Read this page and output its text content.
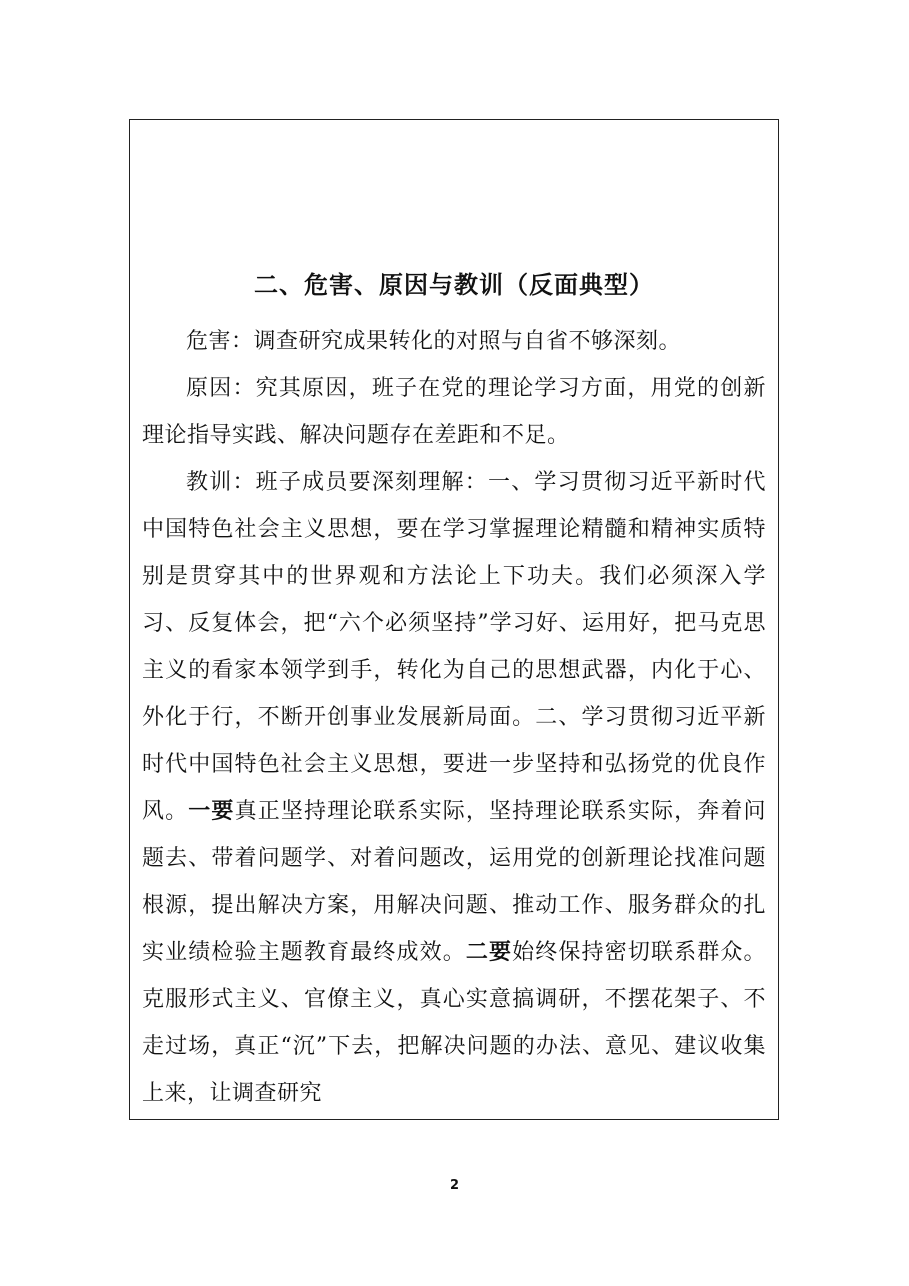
二、危害、原因与教训（反面典型）

危害：调查研究成果转化的对照与自省不够深刻。

原因：究其原因，班子在党的理论学习方面，用党的创新理论指导实践、解决问题存在差距和不足。

教训：班子成员要深刻理解：一、学习贯彻习近平新时代中国特色社会主义思想，要在学习掌握理论精髓和精神实质特别是贯穿其中的世界观和方法论上下功夫。我们必须深入学习、反复体会，把“六个必须坚持”学习好、运用好，把马克思主义的看家本领学到手，转化为自己的思想武器，内化于心、外化于行，不断开创事业发展新局面。二、学习贯彻习近平新时代中国特色社会主义思想，要进一步坚持和弘扬党的优良作风。一要真正坚持理论联系实际，坚持理论联系实际，奔着问题去、带着问题学、对着问题改，运用党的创新理论找准问题根源，提出解决方案，用解决问题、推动工作、服务群众的扎实业绩检验主题教育最终成效。二要始终保持密切联系群众。克服形式主义、官僚主义，真心实意搞调研，不摆花架子、不走过场，真正“沉”下去，把解决问题的办法、意见、建议收集上来，让调查研究

2
